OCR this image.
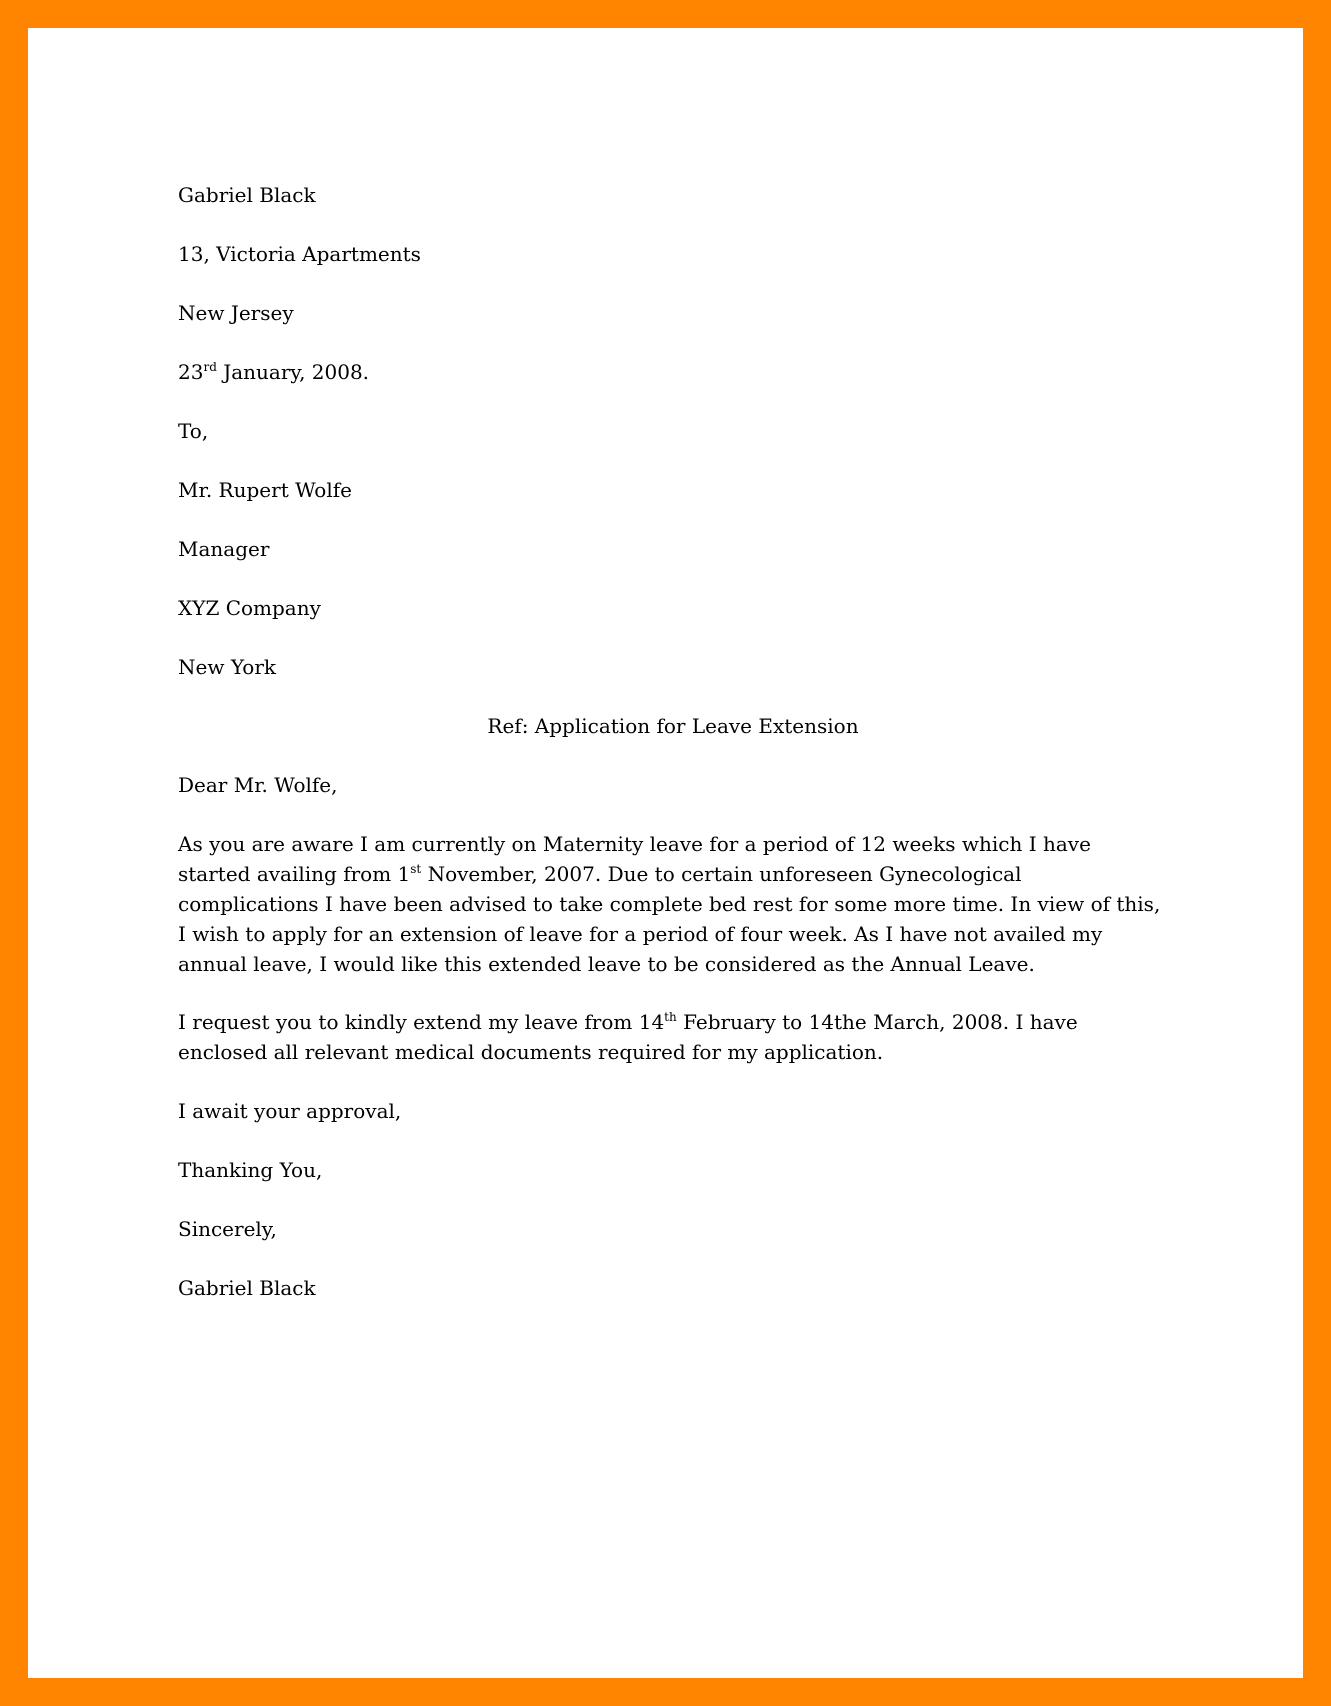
Gabriel Black
13, Victoria Apartments
New Jersey
23rd January, 2008.
To,
Mr. Rupert Wolfe
Manager
XYZ Company
New York
Ref: Application for Leave Extension
Dear Mr. Wolfe,

As you are aware I am currently on Maternity leave for a period of 12 weeks which I have started availing from 1st November, 2007. Due to certain unforeseen Gynecological complications I have been advised to take complete bed rest for some more time. In view of this, I wish to apply for an extension of leave for a period of four week. As I have not availed my annual leave, I would like this extended leave to be considered as the Annual Leave.

I request you to kindly extend my leave from 14th February to 14the March, 2008. I have enclosed all relevant medical documents required for my application.

I await your approval,
Thanking You,
Sincerely,
Gabriel Black
